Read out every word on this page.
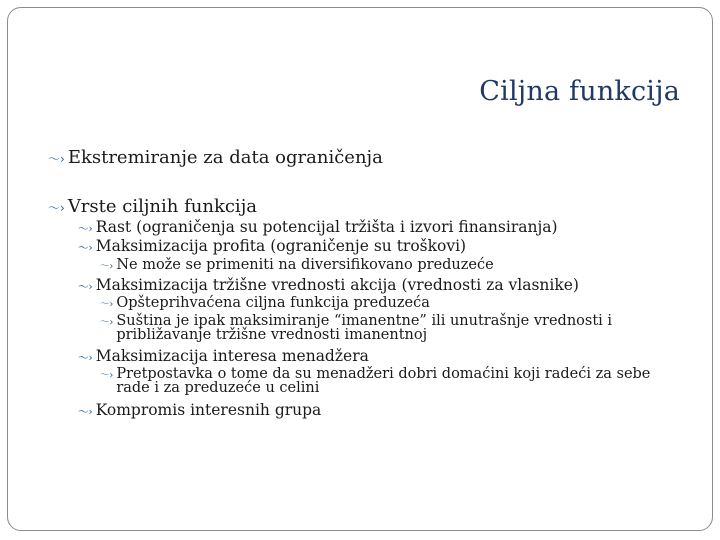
Ciljna funkcija
〜› Ekstremiranje za data ograničenja
〜› Vrste ciljnih funkcija
〜› Rast (ograničenja su potencijal tržišta i izvori finansiranja)
〜› Maksimizacija profita (ograničenje su troškovi)
〜› Ne može se primeniti na diversifikovano preduzeće
〜› Maksimizacija tržišne vrednosti akcija (vrednosti za vlasnike)
〜› Opšteprihvaćena ciljna funkcija preduzeća
〜› Suština je ipak maksimiranje “imanentne” ili unutrašnje vrednosti i približavanje tržišne vrednosti imanentnoj
〜› Maksimizacija interesa menadžera
〜› Pretpostavka o tome da su menadžeri dobri domaćini koji radeći za sebe rade i za preduzeće u celini
〜› Kompromis interesnih grupa
